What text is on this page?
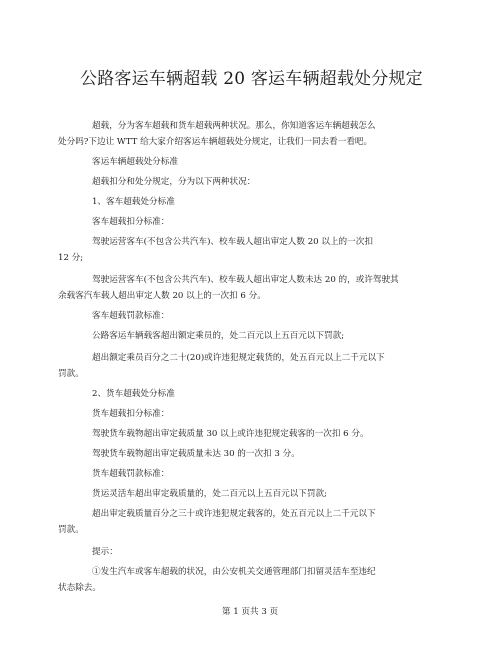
公路客运车辆超载 20 客运车辆超载处分规定

超载，分为客车超载和货车超载两种状况。那么，你知道客运车辆超载怎么
处分吗?下边让 WTT 给大家介绍客运车辆超载处分规定，让我们一同去看一看吧。

客运车辆超载处分标准

超载扣分和处分规定，分为以下两种状况：

1、客车超载处分标准

客车超载扣分标准：

驾驶运营客车(不包含公共汽车)、校车载人超出审定人数 20 以上的一次扣
12 分;

驾驶运营客车(不包含公共汽车)、校车载人超出审定人数未达 20 的，或许驾驶其
余载客汽车载人超出审定人数 20 以上的一次扣 6 分。

客车超载罚款标准：

公路客运车辆载客超出额定乘员的，处二百元以上五百元以下罚款;

超出额定乘员百分之二十(20)或许违犯规定载货的，处五百元以上二千元以下
罚款。

2、货车超载处分标准

货车超载扣分标准：

驾驶货车载物超出审定载质量 30 以上或许违犯规定载客的一次扣 6 分。

驾驶货车载物超出审定载质量未达 30 的一次扣 3 分。

货车超载罚款标准：

货运灵活车超出审定载质量的，处二百元以上五百元以下罚款;

超出审定载质量百分之三十或许违犯规定载客的，处五百元以上二千元以下
罚款。

提示：

①发生汽车或客车超载的状况，由公安机关交通管理部门扣留灵活车至违纪
状态除去。

第 1 页共 3 页
